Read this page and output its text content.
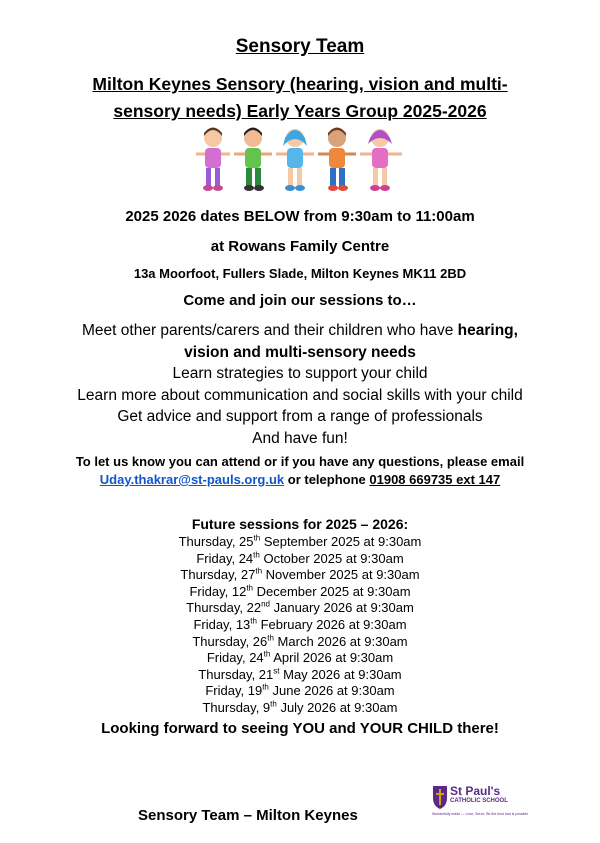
Sensory Team
Milton Keynes Sensory (hearing, vision and multi-
sensory needs) Early Years Group 2025-2026
2025 2026 dates BELOW from 9:30am to 11:00am
at Rowans Family Centre
13a Moorfoot, Fullers Slade, Milton Keynes MK11 2BD
Come and join our sessions to…
Meet other parents/carers and their children who have hearing,
vision and multi-sensory needs
Learn strategies to support your child
Learn more about communication and social skills with your child
Get advice and support from a range of professionals
And have fun!
To let us know you can attend or if you have any questions, please email
Uday.thakrar@st-pauls.org.uk or telephone 01908 669735 ext 147
Future sessions for 2025 – 2026:
Thursday, 25th September 2025 at 9:30am
Friday, 24th October 2025 at 9:30am
Thursday, 27th November 2025 at 9:30am
Friday, 12th December 2025 at 9:30am
Thursday, 22nd January 2026 at 9:30am
Friday, 13th February 2026 at 9:30am
Thursday, 26th March 2026 at 9:30am
Friday, 24th April 2026 at 9:30am
Thursday, 21st May 2026 at 9:30am
Friday, 19th June 2026 at 9:30am
Thursday, 9th July 2026 at 9:30am
Looking forward to seeing YOU and YOUR CHILD there!
Sensory Team – Milton Keynes
St Paul's
CATHOLIC SCHOOL
Wonderfully made — Love, Serve, Be the best that is possible
